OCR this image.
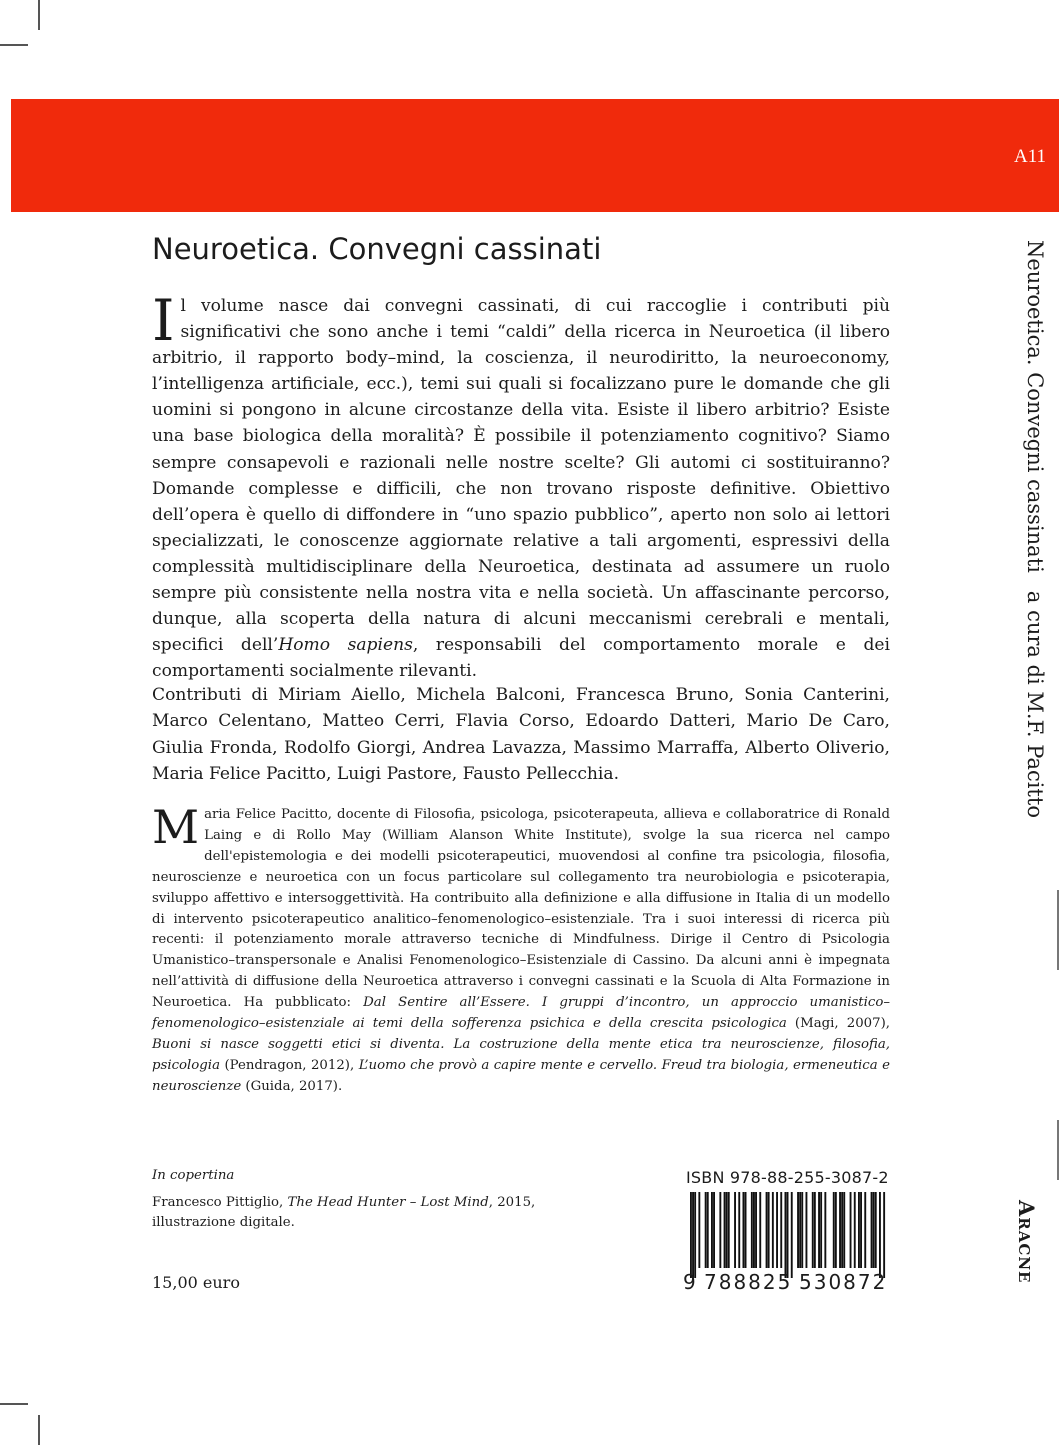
A11
Neuroetica. Convegni cassinati

Il volume nasce dai convegni cassinati, di cui raccoglie i contributi più significativi che sono anche i temi “caldi” della ricerca in Neuroetica (il libero arbitrio, il rapporto body–mind, la coscienza, il neurodiritto, la neuroeconomy, l’intelligenza artificiale, ecc.), temi sui quali si focalizzano pure le domande che gli uomini si pongono in alcune circostanze della vita. Esiste il libero arbitrio? Esiste una base biologica della moralità? È possibile il potenziamento cognitivo? Siamo sempre consapevoli e razionali nelle nostre scelte? Gli automi ci sostituiranno? Domande complesse e difficili, che non trovano risposte definitive. Obiettivo dell’opera è quello di diffondere in “uno spazio pubblico”, aperto non solo ai lettori specializzati, le conoscenze aggiornate relative a tali argomenti, espressivi della complessità multidisciplinare della Neuroetica, destinata ad assumere un ruolo sempre più consistente nella nostra vita e nella società. Un affascinante percorso, dunque, alla scoperta della natura di alcuni meccanismi cerebrali e mentali, specifici dell’Homo sapiens, responsabili del comportamento morale e dei comportamenti socialmente rilevanti.

Contributi di Miriam Aiello, Michela Balconi, Francesca Bruno, Sonia Canterini, Marco Celentano, Matteo Cerri, Flavia Corso, Edoardo Datteri, Mario De Caro, Giulia Fronda, Rodolfo Giorgi, Andrea Lavazza, Massimo Marraffa, Alberto Oliverio, Maria Felice Pacitto, Luigi Pastore, Fausto Pellecchia.

Maria Felice Pacitto, docente di Filosofia, psicologa, psicoterapeuta, allieva e collaboratrice di Ronald Laing e di Rollo May (William Alanson White Institute), svolge la sua ricerca nel campo dell'epistemologia e dei modelli psicoterapeutici, muovendosi al confine tra psicologia, filosofia, neuroscienze e neuroetica con un focus particolare sul collegamento tra neurobiologia e psicoterapia, sviluppo affettivo e intersoggettività. Ha contribuito alla definizione e alla diffusione in Italia di un modello di intervento psicoterapeutico analitico–fenomenologico–esistenziale. Tra i suoi interessi di ricerca più recenti: il potenziamento morale attraverso tecniche di Mindfulness. Dirige il Centro di Psicologia Umanistico–transpersonale e Analisi Fenomenologico–Esistenziale di Cassino. Da alcuni anni è impegnata nell’attività di diffusione della Neuroetica attraverso i convegni cassinati e la Scuola di Alta Formazione in Neuroetica. Ha pubblicato: Dal Sentire all’Essere. I gruppi d’incontro, un approccio umanistico–fenomenologico–esistenziale ai temi della sofferenza psichica e della crescita psicologica (Magi, 2007), Buoni si nasce soggetti etici si diventa. La costruzione della mente etica tra neuroscienze, filosofia, psicologia (Pendragon, 2012), L’uomo che provò a capire mente e cervello. Freud tra biologia, ermeneutica e neuroscienze (Guida, 2017).

In copertina

Francesco Pittiglio, The Head Hunter – Lost Mind, 2015, illustrazione digitale.

15,00 euro

ISBN 978-88-255-3087-2
9 788825 530872
Neuroetica. Convegni cassinatia cura di M.F. Pacitto
ARACNE
